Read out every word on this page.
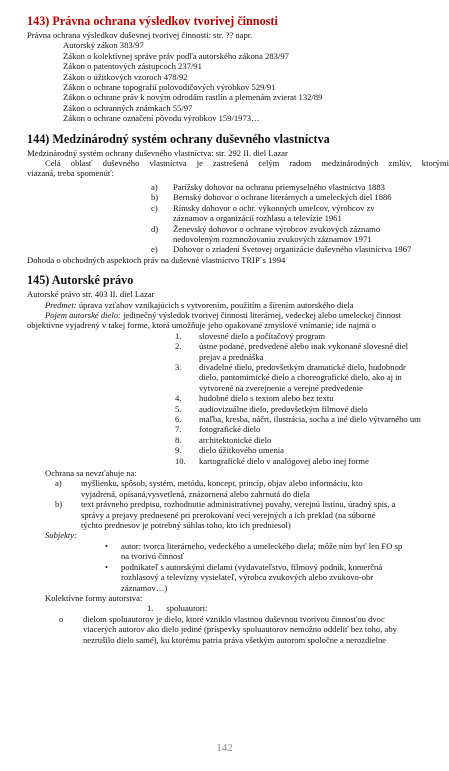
143) Právna ochrana výsledkov tvorivej činnosti
Právna ochrana výsledkov duševnej tvorivej činnosti: str. ?? napr.
Autorský zákon 383/97
Zákon o kolektívnej správe práv podľa autorského zákona 283/97
Zákon o patentových zástupcoch 237/91
Zákon o úžitkových vzoroch 478/92
Zákon o ochrane topografií polovodičových výrobkov 529/91
Zákon o ochrane práv k novým odrodám rastlín a plemenám zvierat 132/89
Zákon o ochranných známkach 55/97
Zákon o ochrane označení pôvodu výrobkov 159/1973…
144) Medzinárodný systém ochrany duševného vlastníctva
Medzinárodný systém ochrany duševného vlastníctva: str. 292 II. diel Lazar
Celá oblasť duševného vlastníctva je zastrešená celým radom medzinárodných zmlúv, ktorými
viazaná, treba spomenúť:
a)	Parížsky dohovor na ochranu priemyselného vlastníctva 1883
b)	Bernský dohovor o ochrane literárnych a umeleckých diel 1886
c)	Rímsky dohovor o ochr. výkonných umelcov, výrobcov zv
záznamov a organizácií rozhlasu a televízie 1961
d)	Ženevský dohovor o ochrane výrobcov zvukových záznamo
nedovoleným rozmnožovaniu zvukových záznamov 1971
e)	Dohovor o zriadení Svetovej organizácie duševného vlastníctva 1967
Dohoda o obchodných aspektoch práv na duševné vlastníctvo TRIP´s 1994
145) Autorské právo
Autorské právo str. 403 II. diel Lazar
Predmet: úprava vzťahov vznikajúcich s vytvorením, použitím a šírením autorského diela
Pojem autorské dielo: jedinečný výsledok tvorivej činnosti literárnej, vedeckej alebo umeleckej činnost
objektívne vyjadrený v takej forme, ktorá umožňuje jeho opakované zmyslové vnímanie; ide najmä o
1.	slovesné dielo a počítačový program
2.	ústne podané, predvedené alebo inak vykonané slovesné diel
prejav a prednáška
3.	divadelné dielo, predovšetkým dramatické dielo, hudobnodr
dielo, pantomimické dielo a choreografické dielo, ako aj in
vytvorené na zverejnenie a verejné predvedenie
4.	hudobné dielo s textom alebo bez textu
5.	audiovizuálne dielo, predovšetkým filmové dielo
6.	maľba, kresba, náčrt, ilustrácia, socha a iné dielo výtvarného um
7.	fotografické dielo
8.	architektonické dielo
9.	dielo úžitkového umenia
10.	kartografické dielo v analógovej alebo inej forme
Ochrana sa nevzťahuje na:
a)	myšlienku, spôsob, systém, metódu, koncept, princíp, objav alebo informáciu, kto
vyjadrená, opísaná,vysvetlená, znázornená alebo zahrnutá do diela
b)	text právneho predpisu, rozhodnutie administratívnej povahy, verejnú listinu, úradný spis, a
správy a prejavy prednesené pri prerokovaní vecí verejných a ich preklad (na súborné
týchto prednesov je potrebný súhlas toho, kto ich predniesol)
Subjekty:
•	autor: tvorca literárneho, vedeckého a umeleckého diela; môže ním byť len FO sp
na tvorivú činnosť
•	podnikateľ s autorskými dielami (vydavateľstvo, filmový podnik, komerčná
rozhlasový a televízny vysielateľ, výrobca zvukových alebo zvukovo-obr
záznamov…)
Kolektívne formy autorstva:
1. spoluautori:
o	dielom spoluautorov je dielo, ktoré vzniklo vlastnou duševnou tvorivou činnosťou dvoc
viacerých autorov ako dielo jediné (príspevky spoluautorov nemožno oddeliť bez toho, aby
nezrušilo dielo samé), ku ktorému patria práva všetkým autorom spoločne a nerozdielne
142
